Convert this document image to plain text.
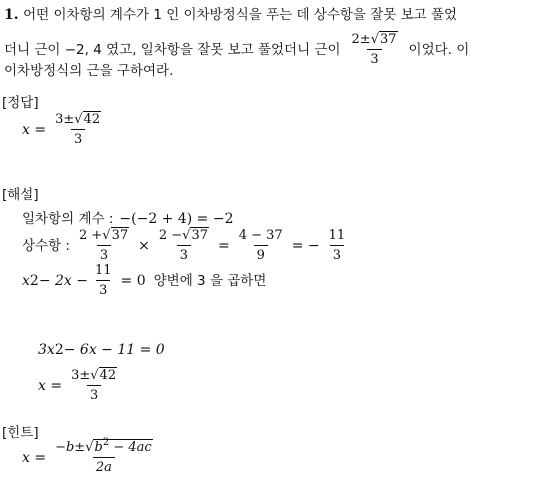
1. 어떤 이차항의 계수가 1 인 이차방정식을 푸는 데 상수항을 잘못 보고 풀었
더니 근이 −2, 4 였고, 일차항을 잘못 보고 풀었더니 근이 $\frac{2\pm√37}{3}$ 이었다. 이
이차방정식의 근을 구하여라.
[정답]
$x = \frac{3\pm√42}{3}$
[해설]
일차항의 계수 : −(−2 + 4) = −2
상수항 : $\frac{2 +√37}{3} \times \frac{2 -√37}{3} = \frac{4 - 37}{9}$ = − $\frac{11}{3}$
x $2 - 2x - \frac{11}{3} = 0$ 양변에 3 을 곱하면
3x 2 − 6x − 11 = 0
$x = \frac{3\pm√42}{3}$
[힌트]
$x = \frac{-b\pm√b^2 - 4ac}{2a}$
